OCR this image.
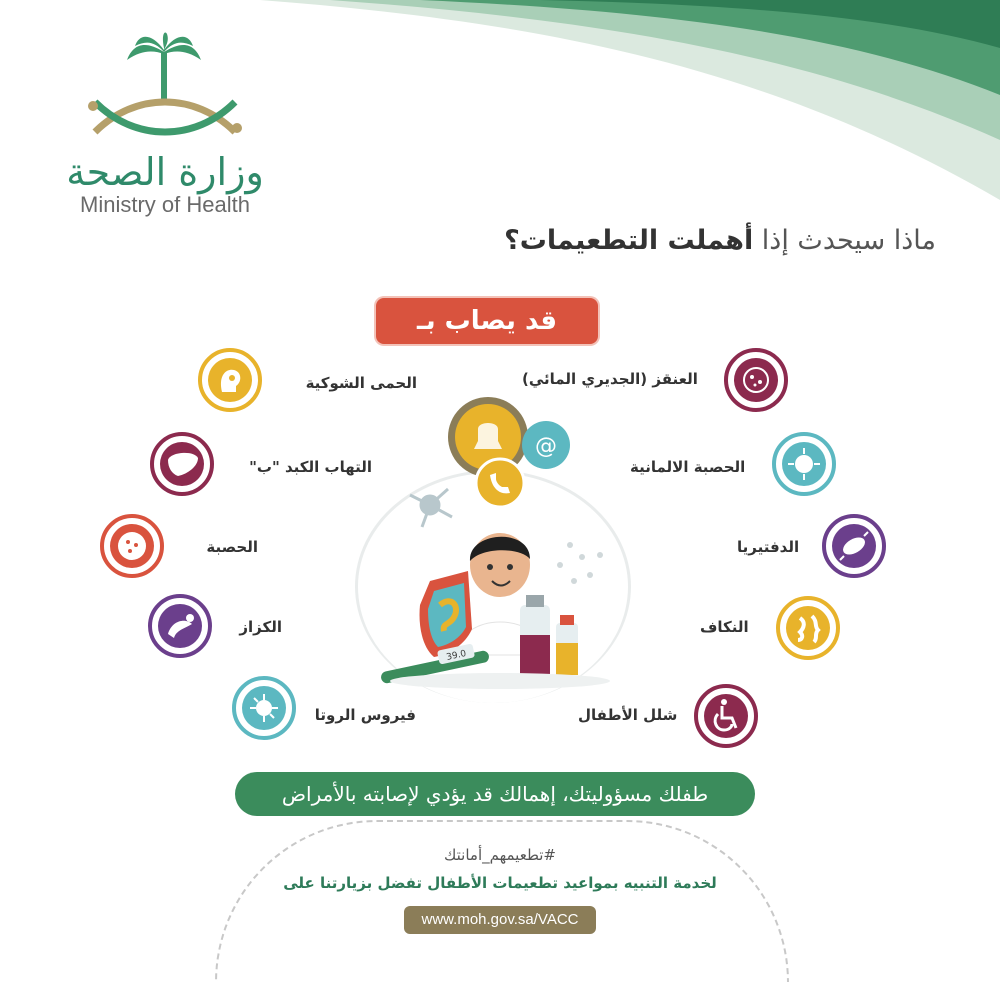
وزارة الصحة
Ministry of Health
ماذا سيحدث إذا أهملت التطعيمات؟
قد يصاب بـ
@
39.0
الحمى الشوكية
التهاب الكبد "ب"
الحصبة
الكزاز
فيروس الروتا
العنقز (الجديري المائي)
الحصبة الالمانية
الدفتيريا
النكاف
شلل الأطفال
طفلك مسؤوليتك، إهمالك قد يؤدي لإصابته بالأمراض
#تطعيمهم_أمانتك
لخدمة التنبيه بمواعيد تطعيمات الأطفال تفضل بزيارتنا على
www.moh.gov.sa/VACC
